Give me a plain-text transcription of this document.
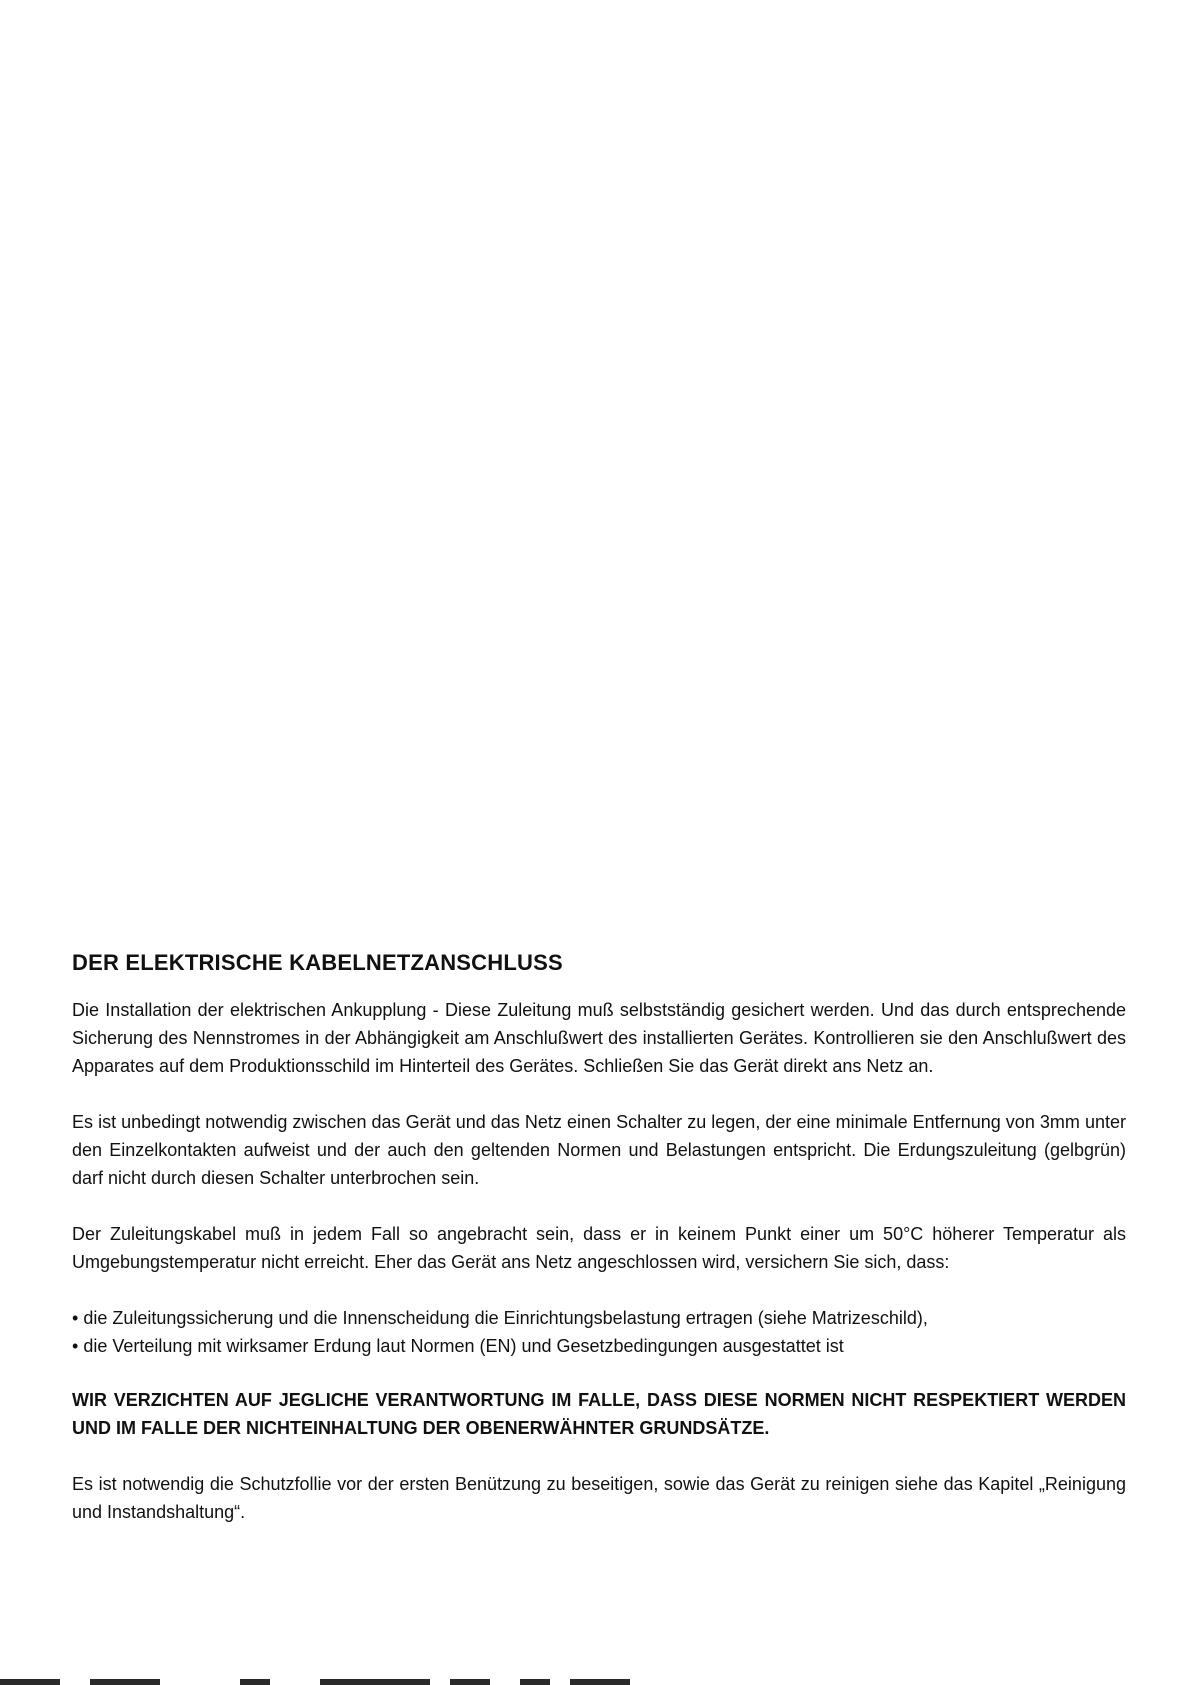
DER ELEKTRISCHE KABELNETZANSCHLUSS

Die Installation der elektrischen Ankupplung - Diese Zuleitung muß selbstständig gesichert werden. Und das durch entsprechende Sicherung des Nennstromes in der Abhängigkeit am Anschlußwert des installierten Gerätes. Kontrollieren sie den Anschlußwert des Apparates auf dem Produktionsschild im Hinterteil des Gerätes. Schließen Sie das Gerät direkt ans Netz an.

Es ist unbedingt notwendig zwischen das Gerät und das Netz einen Schalter zu legen, der eine minimale Entfernung von 3mm unter den Einzelkontakten aufweist und der auch den geltenden Normen und Belastungen entspricht. Die Erdungszuleitung (gelbgrün) darf nicht durch diesen Schalter unterbrochen sein.

Der Zuleitungskabel muß in jedem Fall so angebracht sein, dass er in keinem Punkt einer um 50°C höherer Temperatur als Umgebungstemperatur nicht erreicht. Eher das Gerät ans Netz angeschlossen wird, versichern Sie sich, dass:

• die Zuleitungssicherung und die Innenscheidung die Einrichtungsbelastung ertragen (siehe Matrizeschild),
• die Verteilung mit wirksamer Erdung laut Normen (EN) und Gesetzbedingungen ausgestattet ist

WIR VERZICHTEN AUF JEGLICHE VERANTWORTUNG IM FALLE, DASS DIESE NORMEN NICHT RESPEKTIERT WERDEN UND IM FALLE DER NICHTEINHALTUNG DER OBENERWÄHNTER GRUNDSÄTZE.

Es ist notwendig die Schutzfollie vor der ersten Benützung zu beseitigen, sowie das Gerät zu reinigen siehe das Kapitel „Reinigung und Instandshaltung“.
